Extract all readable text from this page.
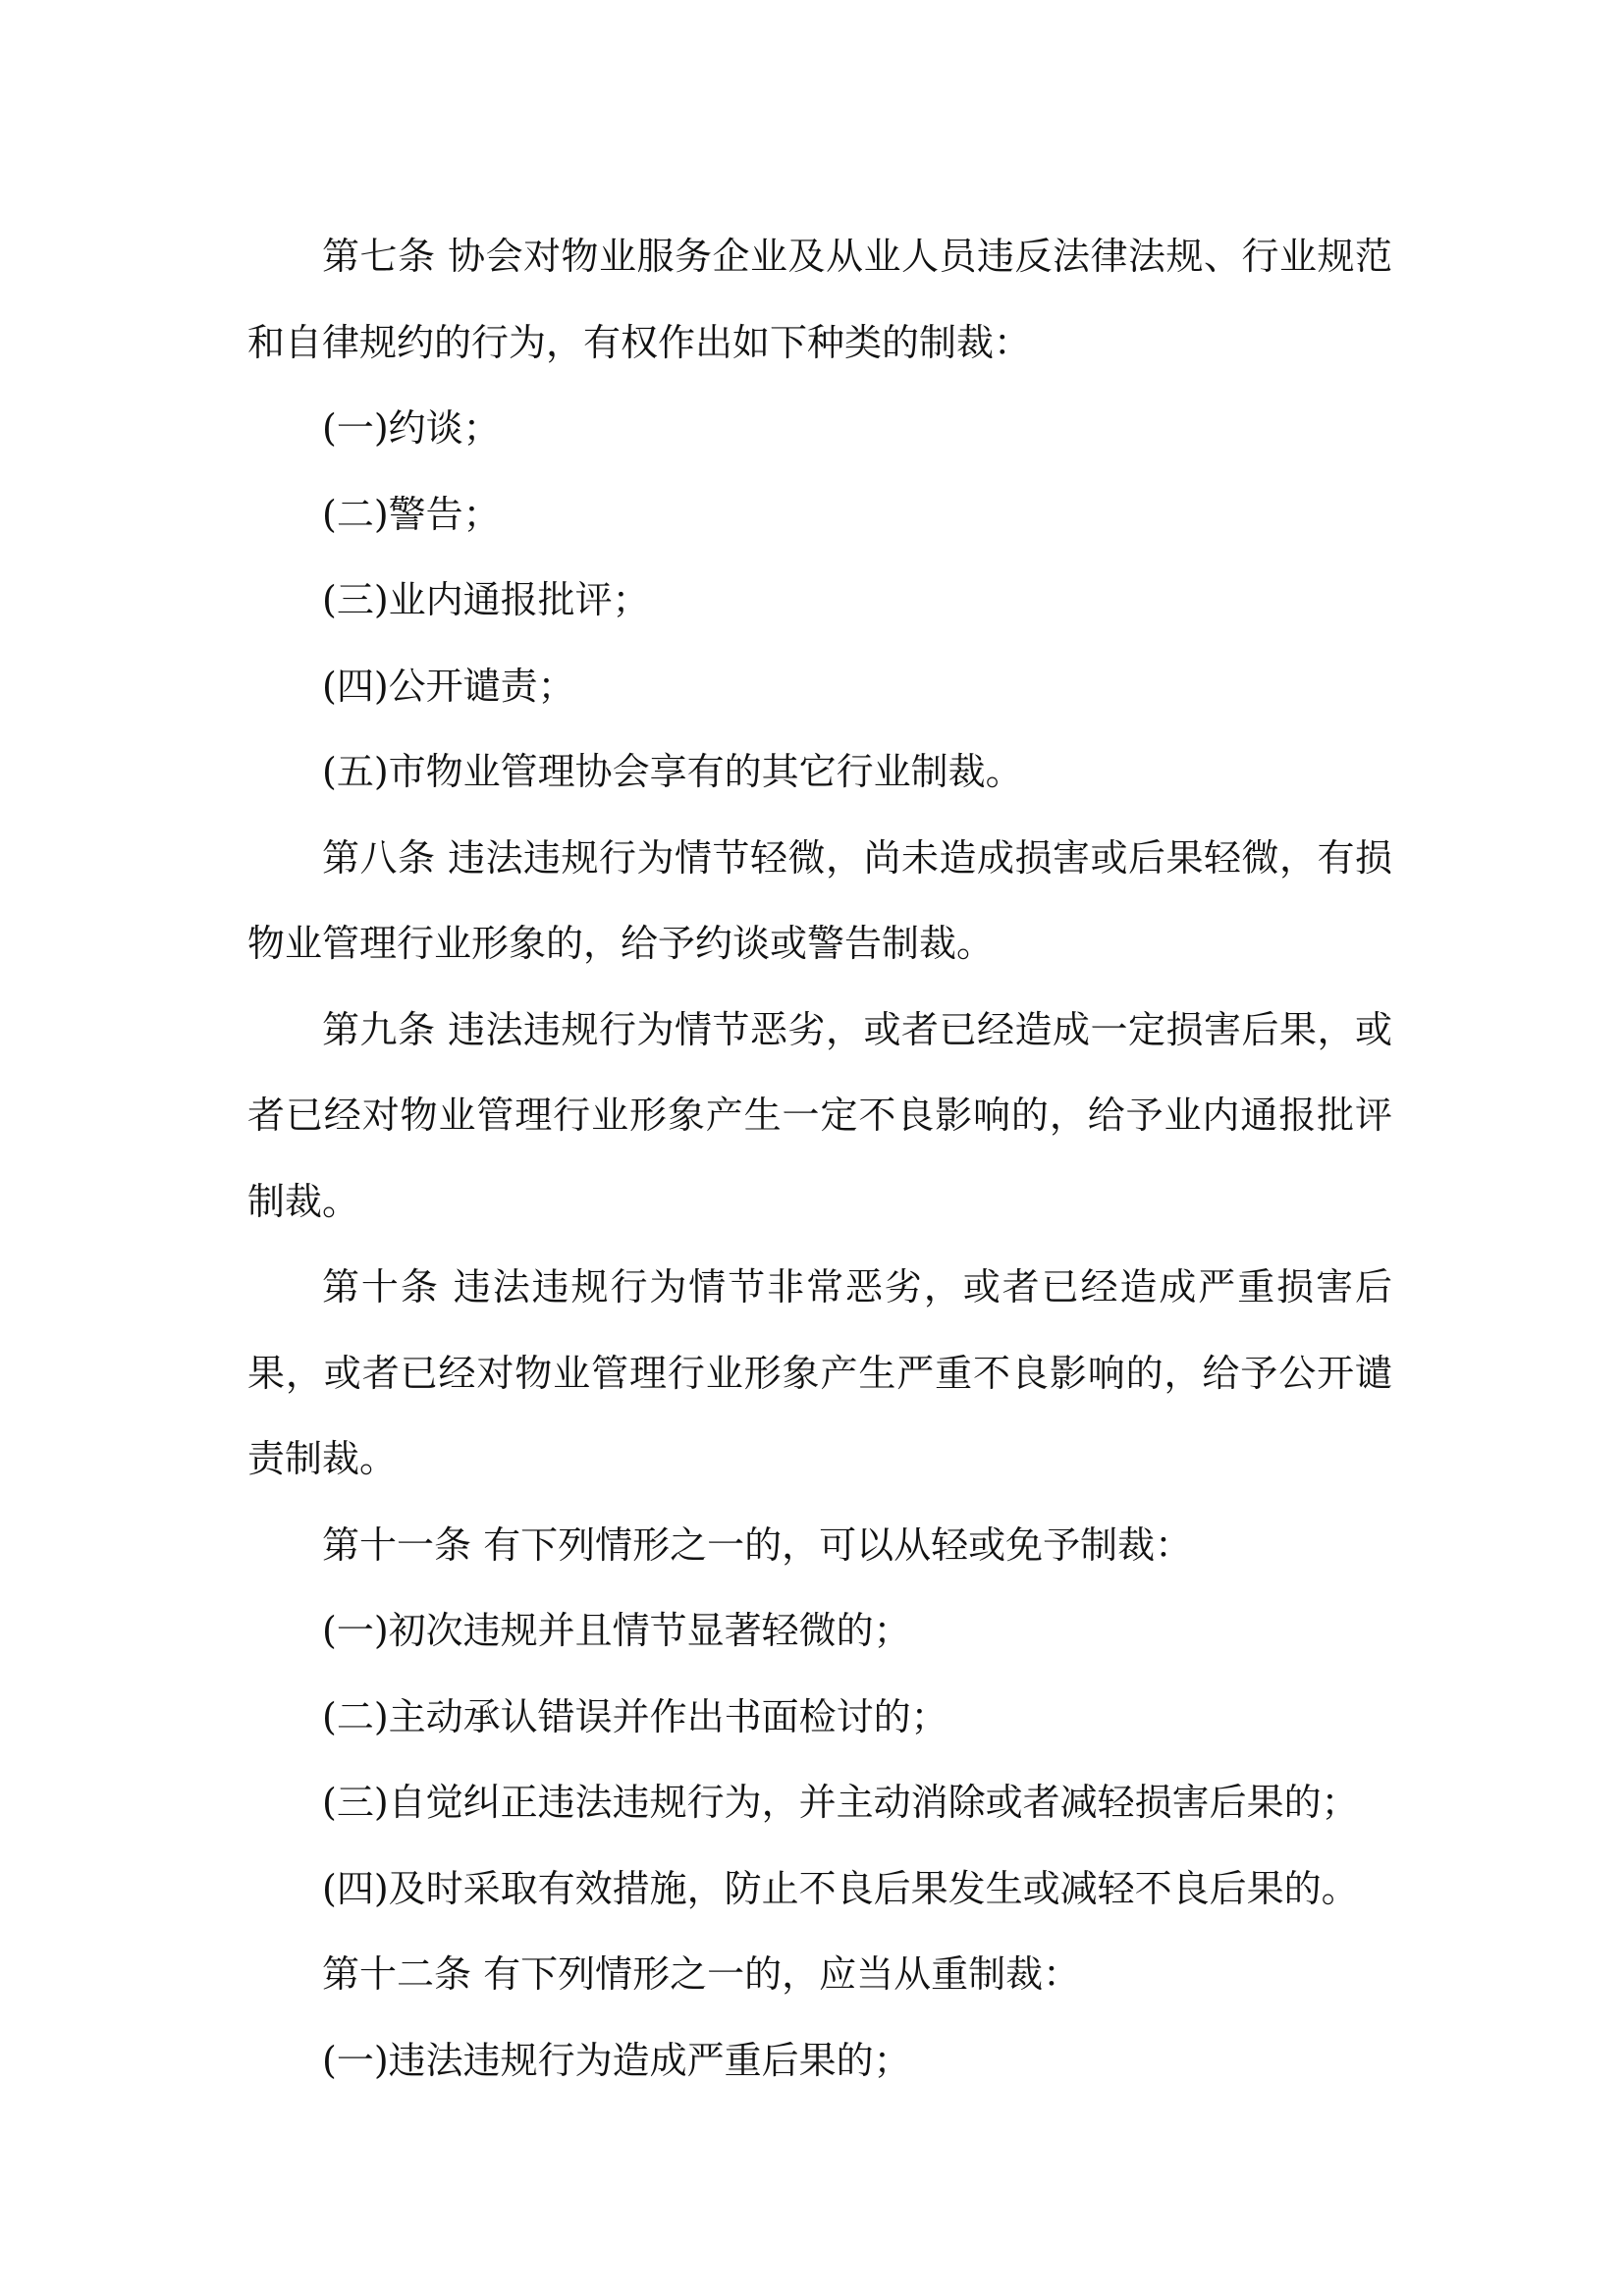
第七条 协会对物业服务企业及从业人员违反法律法规、行业规范和自律规约的行为，有权作出如下种类的制裁：

(一)约谈；

(二)警告；

(三)业内通报批评；

(四)公开谴责；

(五)市物业管理协会享有的其它行业制裁。

第八条 违法违规行为情节轻微，尚未造成损害或后果轻微，有损物业管理行业形象的，给予约谈或警告制裁。

第九条 违法违规行为情节恶劣，或者已经造成一定损害后果，或者已经对物业管理行业形象产生一定不良影响的，给予业内通报批评制裁。

第十条 违法违规行为情节非常恶劣，或者已经造成严重损害后果，或者已经对物业管理行业形象产生严重不良影响的，给予公开谴责制裁。

第十一条 有下列情形之一的，可以从轻或免予制裁：

(一)初次违规并且情节显著轻微的；

(二)主动承认错误并作出书面检讨的；

(三)自觉纠正违法违规行为，并主动消除或者减轻损害后果的；

(四)及时采取有效措施，防止不良后果发生或减轻不良后果的。

第十二条 有下列情形之一的，应当从重制裁：

(一)违法违规行为造成严重后果的；
